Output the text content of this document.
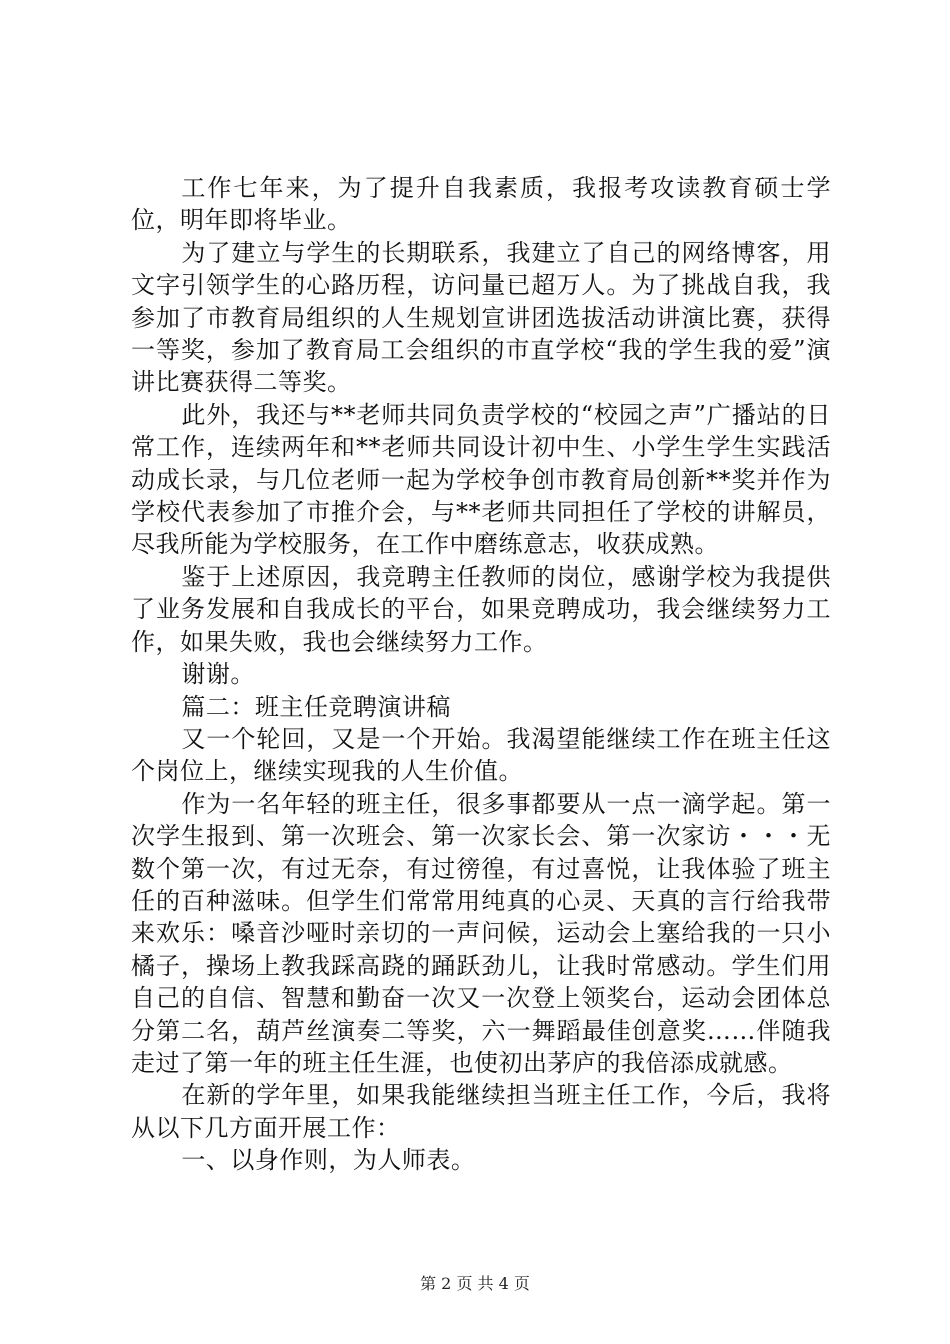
工作七年来，为了提升自我素质，我报考攻读教育硕士学位，明年即将毕业。

为了建立与学生的长期联系，我建立了自己的网络博客，用文字引领学生的心路历程，访问量已超万人。为了挑战自我，我参加了市教育局组织的人生规划宣讲团选拔活动讲演比赛，获得一等奖，参加了教育局工会组织的市直学校“我的学生我的爱”演讲比赛获得二等奖。

此外，我还与**老师共同负责学校的“校园之声”广播站的日常工作，连续两年和**老师共同设计初中生、小学生学生实践活动成长录，与几位老师一起为学校争创市教育局创新**奖并作为学校代表参加了市推介会，与**老师共同担任了学校的讲解员，尽我所能为学校服务，在工作中磨练意志，收获成熟。

鉴于上述原因，我竞聘主任教师的岗位，感谢学校为我提供了业务发展和自我成长的平台，如果竞聘成功，我会继续努力工作，如果失败，我也会继续努力工作。

谢谢。

篇二：班主任竞聘演讲稿

又一个轮回，又是一个开始。我渴望能继续工作在班主任这个岗位上，继续实现我的人生价值。

作为一名年轻的班主任，很多事都要从一点一滴学起。第一次学生报到、第一次班会、第一次家长会、第一次家访・・・无数个第一次，有过无奈，有过徬徨，有过喜悦，让我体验了班主任的百种滋味。但学生们常常用纯真的心灵、天真的言行给我带来欢乐：嗓音沙哑时亲切的一声问候，运动会上塞给我的一只小橘子，操场上教我踩高跷的踊跃劲儿，让我时常感动。学生们用自己的自信、智慧和勤奋一次又一次登上领奖台，运动会团体总分第二名，葫芦丝演奏二等奖，六一舞蹈最佳创意奖……伴随我走过了第一年的班主任生涯，也使初出茅庐的我倍添成就感。

在新的学年里，如果我能继续担当班主任工作，今后，我将从以下几方面开展工作：

一、以身作则，为人师表。

第 2 页 共 4 页
